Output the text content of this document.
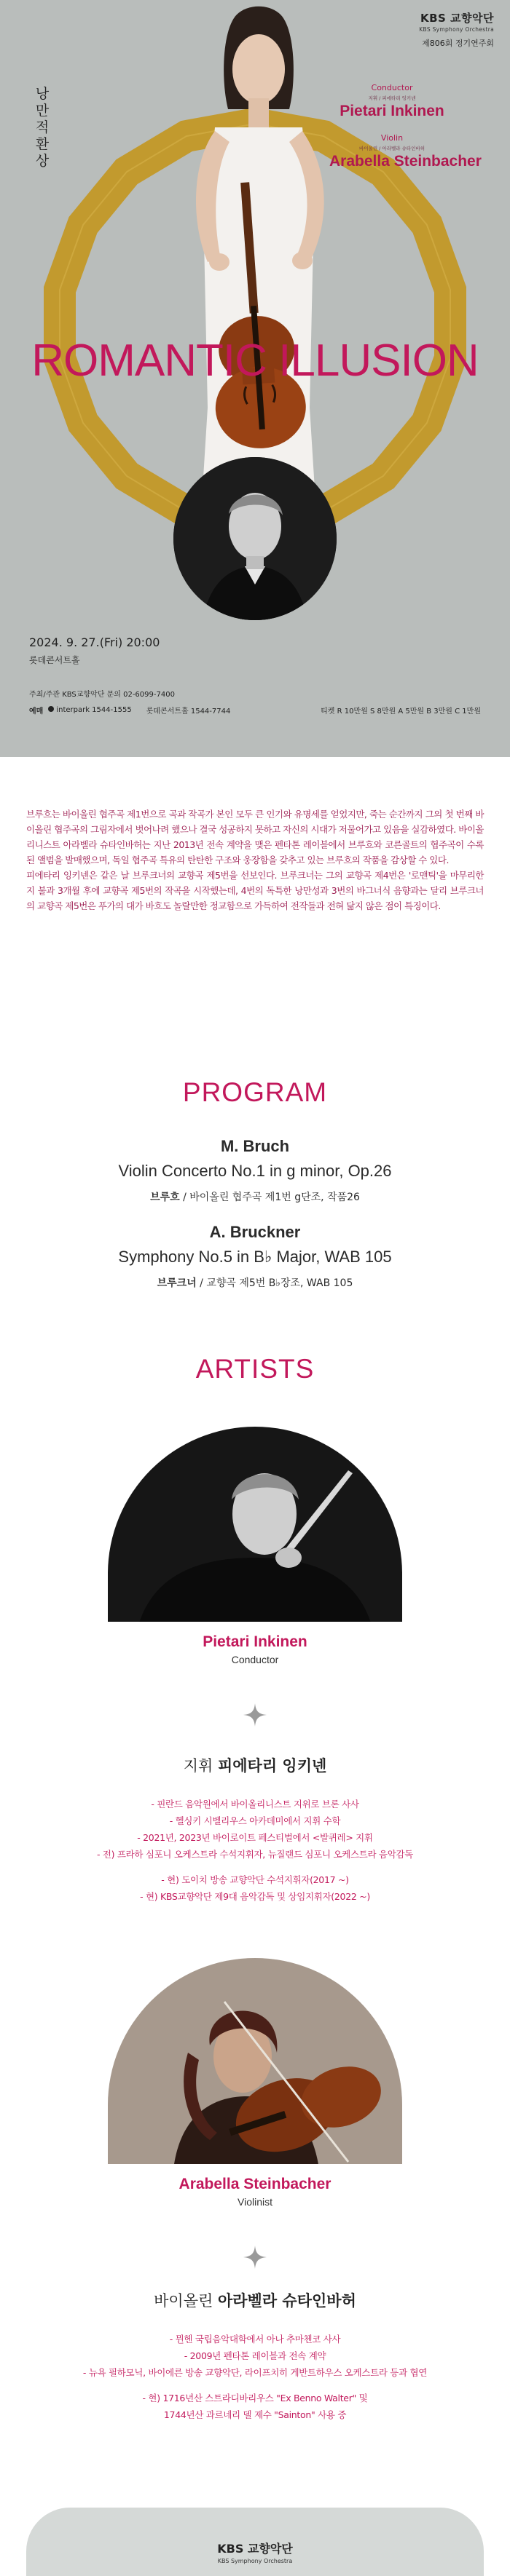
KBS 교향악단
KBS Symphony Orchestra
제806회 정기연주회
낭만적환상
Conductor
지휘 / 피에타리 잉키넨
Pietari Inkinen
Violin
바이올린 / 아라벨라 슈타인바허
Arabella Steinbacher
ROMANTIC ILLUSION
2024. 9. 27.(Fri) 20:00
롯데콘서트홀
주최/주관 KBS교향악단 문의 02-6099-7400
예매 interpark 1544-1555 롯데콘서트홀 1544-7744	티켓 R 10만원 S 8만원 A 5만원 B 3만원 C 1만원

브루흐는 바이올린 협주곡 제1번으로 곡과 작곡가 본인 모두 큰 인기와 유명세를 얻었지만, 죽는 순간까지 그의 첫 번째 바이올린 협주곡의 그림자에서 벗어나려 했으나 결국 성공하지 못하고 자신의 시대가 저물어가고 있음을 실감하였다. 바이올리니스트 아라벨라 슈타인바허는 지난 2013년 전속 계약을 맺은 펜타톤 레이블에서 브루흐와 코른골트의 협주곡이 수록된 앨범을 발매했으며, 독일 협주곡 특유의 탄탄한 구조와 웅장함을 갖추고 있는 브루흐의 작품을 감상할 수 있다.

피에타리 잉키넨은 같은 날 브루크너의 교향곡 제5번을 선보인다. 브루크너는 그의 교향곡 제4번은 '로맨틱'을 마무리한 지 불과 3개월 후에 교향곡 제5번의 작곡을 시작했는데, 4번의 독특한 낭만성과 3번의 바그너식 음향과는 달리 브루크너의 교향곡 제5번은 푸가의 대가 바흐도 놀랄만한 정교함으로 가득하여 전작들과 전혀 닮지 않은 점이 특징이다.

PROGRAM
M. Bruch
Violin Concerto No.1 in g minor, Op.26
브루흐 / 바이올린 협주곡 제1번 g단조, 작품26
A. Bruckner
Symphony No.5 in B♭ Major, WAB 105
브루크너 / 교향곡 제5번 B♭장조, WAB 105
ARTISTS
Pietari Inkinen
Conductor
지휘 피에타리 잉키넨
- 핀란드 음악원에서 바이올리니스트 지위로 브론 사사
- 헬싱키 시벨리우스 아카데미에서 지휘 수학
- 2021년, 2023년 바이로이트 페스티벌에서 <발퀴레> 지휘
- 전) 프라하 심포니 오케스트라 수석지휘자, 뉴질랜드 심포니 오케스트라 음악감독
- 현) 도이치 방송 교향악단 수석지휘자(2017 ~)
- 현) KBS교향악단 제9대 음악감독 및 상임지휘자(2022 ~)
Arabella Steinbacher
Violinist
바이올린 아라벨라 슈타인바허
- 뮌헨 국립음악대학에서 아나 추마첸코 사사
- 2009년 펜타톤 레이블과 전속 계약
- 뉴욕 필하모닉, 바이에른 방송 교향악단, 라이프치히 게반트하우스 오케스트라 등과 협연
- 현) 1716년산 스트라디바리우스 "Ex Benno Walter" 및
1744년산 과르네리 델 제수 "Sainton" 사용 중
KBS 교향악단
KBS Symphony Orchestra
